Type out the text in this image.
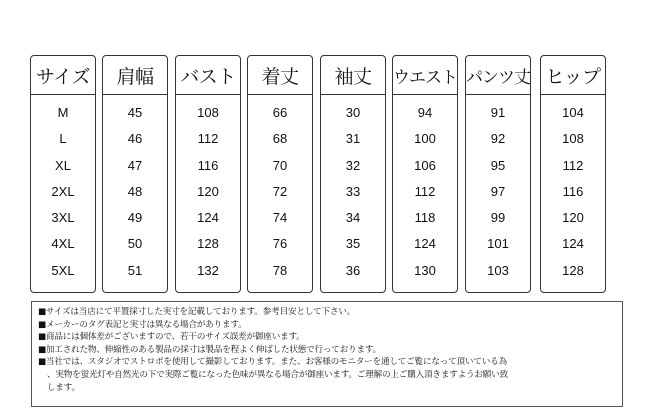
サイズ
M
L
XL
2XL
3XL
4XL
5XL
肩幅
45
46
47
48
49
50
51
バスト
108
112
116
120
124
128
132
着丈
66
68
70
72
74
76
78
袖丈
30
31
32
33
34
35
36
ウエスト
94
100
106
112
118
124
130
パンツ丈
91
92
95
97
99
101
103
ヒップ
104
108
112
116
120
124
128
■サイズは当店にて平置採寸した実寸を記載しております。参考目安として下さい。
■メーカーのタグ表記と実寸は異なる場合があります。
■商品には個体差がございますので、若干のサイズ誤差が御座います。
■加工された物、伸縮性のある製品の採寸は製品を程よく伸ばした状態で行っております。
■当社では、スタジオでストロボを使用して撮影しております。また、お客様のモニターを通してご覧になって頂いている為
、実物を蛍光灯や自然光の下で実際ご覧になった色味が異なる場合が御座います。ご理解の上ご購入頂きますようお願い致
します。
